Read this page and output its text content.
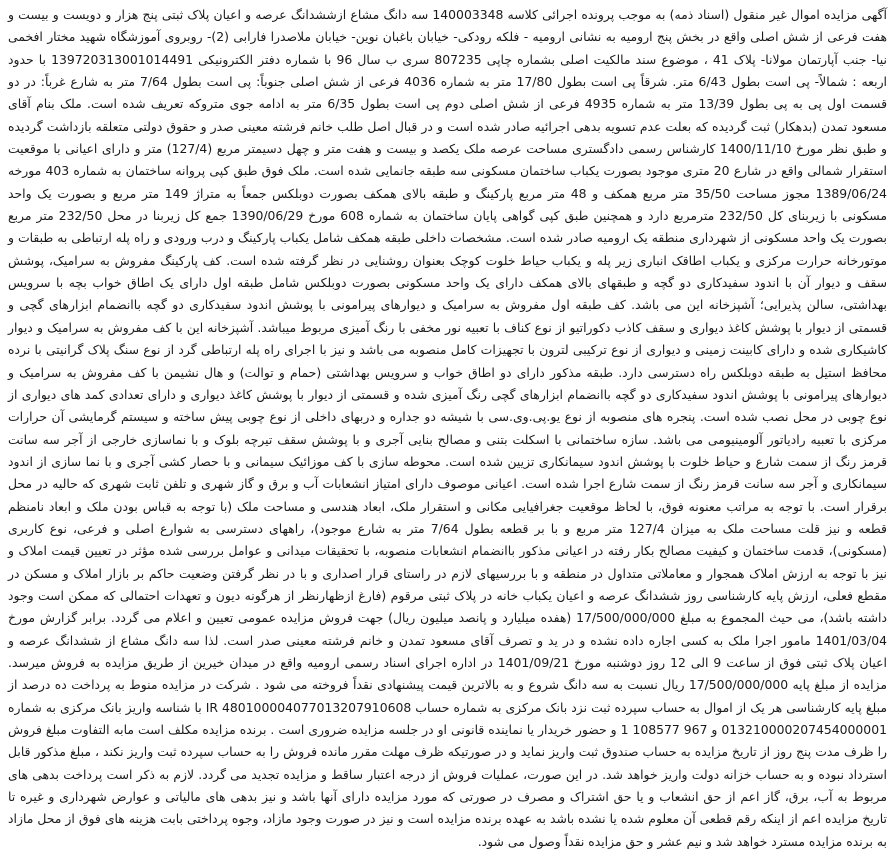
آگهی مزایده اموال غیر منقول (اسناد ذمه) به موجب پرونده اجرائی کلاسه 140003348 سه دانگ مشاع ازششدانگ عرصه و اعیان پلاک ثبتی پنج هزار و دویست و بیست و هفت فرعی از شش اصلی واقع در بخش پنج ارومیه به نشانی ارومیه - فلکه رودکی- خیابان باغبان نوین- خیابان ملاصدرا فارابی (2)- روبروی آموزشگاه شهید مختار افخمی نیا- جنب آپارتمان مولانا- پلاک 41 ، موضوع سند مالکیت اصلی بشماره چاپی 807235 سری ب سال 96 با شماره دفتر الکترونیکی 139720313001014491 با حدود اربعه : شمالاً- پی است بطول 6/43 متر. شرقاً پی است بطول 17/80 متر به شماره 4036 فرعی از شش اصلی جنوباً: پی است بطول 7/64 متر به شارع غرباً: در دو قسمت اول پی به پی بطول 13/39 متر به شماره 4935 فرعی از شش اصلی دوم پی است بطول 6/35 متر به ادامه جوی متروکه تعریف شده است. ملک بنام آقای مسعود تمدن (بدهکار) ثبت گردیده که بعلت عدم تسویه بدهی اجرائیه صادر شده است و در قبال اصل طلب خانم فرشته معینی صدر و حقوق دولتی متعلقه بازداشت گردیده و طبق نظر مورخ 1400/11/10 کارشناس رسمی دادگستری مساحت عرصه ملک یکصد و بیست و هفت متر و چهل دسیمتر مربع (127/4) متر و دارای اعیانی با موقعیت استقرار شمالی واقع در شارع 20 متری موجود بصورت یکباب ساختمان مسکونی سه طبقه جانمایی شده است. ملک فوق طبق کپی پروانه ساختمان به شماره 403 مورخه 1389/06/24 مجوز مساحت 35/50 متر مربع همکف و 48 متر مربع پارکینگ و طبقه بالای همکف بصورت دوبلکس جمعاً به متراژ 149 متر مربع و بصورت یک واحد مسکونی با زیربنای کل 232/50 مترمربع دارد و همچنین طبق کپی گواهی پایان ساختمان به شماره 608 مورخ 1390/06/29 جمع کل زیربنا در محل 232/50 متر مربع بصورت یک واحد مسکونی از شهرداری منطقه یک ارومیه صادر شده است. مشخصات داخلی طبقه همکف شامل یکباب پارکینگ و درب ورودی و راه پله ارتباطی به طبقات و موتورخانه حرارت مرکزی و یکباب اطاقک انباری زیر پله و یکباب حیاط خلوت کوچک بعنوان روشنایی در نظر گرفته شده است. کف پارکینگ مفروش به سرامیک، پوشش سقف و دیوار آن با اندود سفیدکاری دو گچه و طبقهای بالای همکف دارای یک واحد مسکونی بصورت دوبلکس شامل طبقه اول دارای یک اطاق خواب بچه با سرویس بهداشتی، سالن پذیرایی؛ آشپزخانه این می باشد. کف طبقه اول مفروش به سرامیک و دیوارهای پیرامونی با پوشش اندود سفیدکاری دو گچه باانضمام ابزارهای گچی و قسمتی از دیوار با پوشش کاغذ دیواری و سقف کاذب دکوراتیو از نوع کناف با تعبیه نور مخفی با رنگ آمیزی مربوط میباشد. آشپزخانه این با کف مفروش به سرامیک و دیوار کاشیکاری شده و دارای کابینت زمینی و دیواری از نوع ترکیبی لترون با تجهیزات کامل منصوبه می باشد و نیز با اجرای راه پله ارتباطی گرد از نوع سنگ پلاک گرانیتی با نرده محافظ استیل به طبقه دوبلکس راه دسترسی دارد. طبقه مذکور دارای دو اطاق خواب و سرویس بهداشتی (حمام و توالت) و هال نشیمن با کف مفروش به سرامیک و دیوارهای پیرامونی با پوشش اندود سفیدکاری دو گچه باانضمام ابزارهای گچی رنگ آمیزی شده و قسمتی از دیوار با پوشش کاغذ دیواری و دارای تعدادی کمد های دیواری از نوع چوبی در محل نصب شده است. پنجره های منصوبه از نوع یو.پی.وی.سی با شیشه دو جداره و دربهای داخلی از نوع چوبی پیش ساخته و سیستم گرمایشی آن حرارات مرکزی با تعبیه رادیاتور آلومینیومی می باشد. سازه ساختمانی با اسکلت بتنی و مصالح بنایی آجری و با پوشش سقف تیرچه بلوک و با نماسازی خارجی از آجر سه سانت قرمز رنگ از سمت شارع و حیاط خلوت با پوشش اندود سیمانکاری تزیین شده است. محوطه سازی با کف موزائیک سیمانی و با حصار کشی آجری و با نما سازی از اندود سیمانکاری و آجر سه سانت قرمز رنگ از سمت شارع اجرا شده است. اعیانی موصوف دارای امتیاز انشعابات آب و برق و گاز شهری و تلفن ثابت شهری که حالیه در محل برقرار است. با توجه به مراتب معنونه فوق، با لحاظ موقعیت جغرافیایی مکانی و استقرار ملک، ابعاد هندسی و مساحت ملک (با توجه به قباس بودن ملک و ابعاد نامنظم قطعه و نیز قلت مساحت ملک به میزان 127/4 متر مربع و با بر قطعه بطول 7/64 متر به شارع موجود)، راههای دسترسی به شوارع اصلی و فرعی، نوع کاربری (مسکونی)، قدمت ساختمان و کیفیت مصالح بکار رفته در اعیانی مذکور باانضمام انشعابات منصوبه، با تحقیقات میدانی و عوامل بررسی شده مؤثر در تعیین قیمت املاک و نیز با توجه به ارزش املاک همجوار و معاملاتی متداول در منطقه و با بررسیهای لازم در راستای قرار اصداری و با در نظر گرفتن وضعیت حاکم بر بازار املاک و مسکن در مقطع فعلی، ارزش پایه کارشناسی روز ششدانگ عرصه و اعیان یکباب خانه در پلاک ثبتی مرقوم (فارغ ازظهارنظر از هرگونه دیون و تعهدات احتمالی که ممکن است وجود داشته باشد)، می حیث المجموع به مبلغ 17/500/000/000 (هفده میلیارد و پانصد میلیون ریال) جهت فروش مزایده عمومی تعیین و اعلام می گردد. برابر گزارش مورخ 1401/03/04 مامور اجرا ملک به کسی اجاره داده نشده و در ید و تصرف آقای مسعود تمدن و خانم فرشته معینی صدر است. لذا سه دانگ مشاع از ششدانگ عرصه و اعیان پلاک ثبتی فوق از ساعت 9 الی 12 روز دوشنبه مورخ 1401/09/21 در اداره اجرای اسناد رسمی ارومیه واقع در میدان خیرین از طریق مزایده به فروش میرسد. مزایده از مبلغ پایه 17/500/000/000 ریال نسبت به سه دانگ شروع و به بالاترین قیمت پیشنهادی نقداً فروخته می شود . شرکت در مزایده منوط به پرداخت ده درصد از مبلغ پایه کارشناسی هر یک از اموال به حساب سپرده ثبت نزد بانک مرکزی به شماره حساب IR 480100004077013207910608 با شناسه واریز بانک مرکزی به شماره 013210000207454000001 و 967 108577 1 و حضور خریدار یا نماینده قانونی او در جلسه مزایده ضروری است . برنده مزایده مکلف است مابه التفاوت مبلغ فروش را ظرف مدت پنج روز از تاریخ مزایده به حساب صندوق ثبت واریز نماید و در صورتیکه ظرف مهلت مقرر مانده فروش را به حساب سپرده ثبت واریز نکند ، مبلغ مذکور قابل استرداد نبوده و به حساب خزانه دولت واریز خواهد شد. در این صورت، عملیات فروش از درجه اعتبار ساقط و مزایده تجدید می گردد. لازم به ذکر است پرداخت بدهی های مربوط به آب، برق، گاز اعم از حق انشعاب و یا حق اشتراک و مصرف در صورتی که مورد مزایده دارای آنها باشد و نیز بدهی های مالیاتی و عوارض شهرداری و غیره تا تاریخ مزایده اعم از اینکه رقم قطعی آن معلوم شده یا نشده باشد به عهده برنده مزایده است و نیز در صورت وجود مازاد، وجوه پرداختی بابت هزینه های فوق از محل مازاد به برنده مزایده مسترد خواهد شد و نیم عشر و حق مزایده نقداً وصول می شود.
